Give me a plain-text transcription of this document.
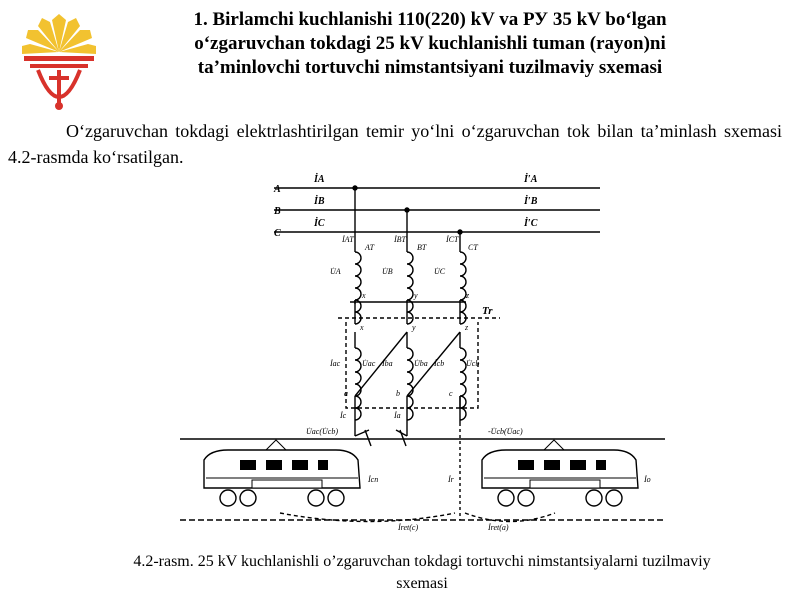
1. Birlamchi kuchlanishi 110(220) kV va РУ 35 kV boʻlgan
oʻzgaruvchan tokdagi 25 kV kuchlanishli tuman (rayon)ni
taʼminlovchi tortuvchi nimstantsiyani tuzilmaviy sxemasi

Oʻzgaruvchan tokdagi elektrlashtirilgan temir yoʻlni oʻzgaruvchan tok bilan taʼminlash sxemasi 4.2-rasmda koʻrsatilgan.

A
B
C
İA
İB
İC
İ′A
İ′B
İ′C
İAT	İBT	İCT
AT	BT	CT
U̇A	U̇B	U̇C
x	y	z
Tr
x	y	z
İac	İba	İcb
U̇ac	U̇ba	U̇cb
a	b	c
İc	İa
U̇ac(U̇cb)	-U̇cb(U̇ac)
İcn	İr	İo
İret(c)	İret(a)
4.2-rasm. 25 kV kuchlanishli oʼzgaruvchan tokdagi tortuvchi nimstantsiyalarni tuzilmaviy
sxemasi
